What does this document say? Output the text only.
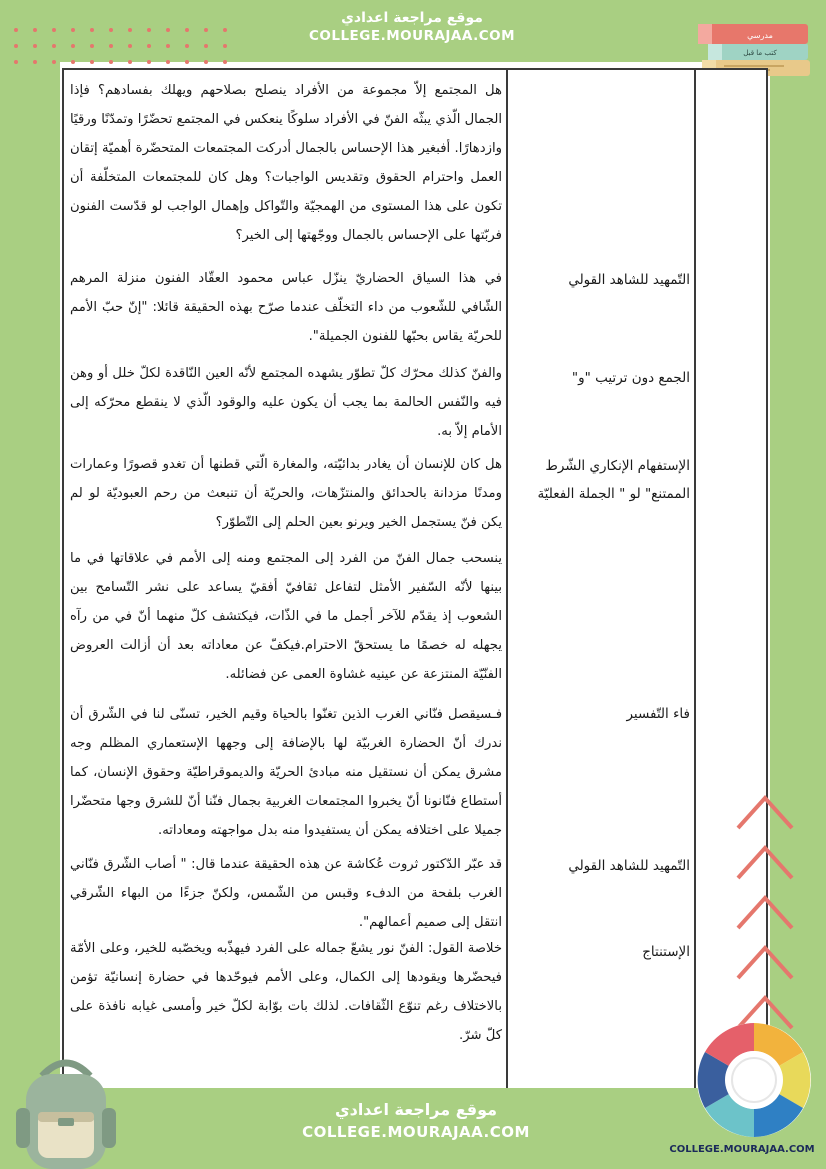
موقع مراجعة اعدادي
COLLEGE.MOURAJAA.COM	مدرسي
كتب ما قبل
هل المجتمع إلاّ مجموعة من الأفراد ينصلح بصلاحهم ويهلك بفسادهم؟ فإذا الجمال الّذي يبثّه الفنّ في الأفراد سلوكًا ينعكس في المجتمع تحضّرًا وتمدّنًا ورقيًا وازدهارًا. أفبغير هذا الإحساس بالجمال أدركت المجتمعات المتحضّرة أهميّة إتقان العمل واحترام الحقوق وتقديس الواجبات؟ وهل كان للمجتمعات المتخلّفة أن تكون على هذا المستوى من الهمجيّة والتّواكل وإهمال الواجب لو قدّست الفنون فربّتها على الإحساس بالجمال ووجّهتها إلى الخير؟
في هذا السياق الحضاريّ ينزّل عباس محمود العقّاد الفنون منزلة المرهم الشّافي للشّعوب من داء التخلّف عندما صرّح بهذه الحقيقة قائلا: "إنّ حبّ الأمم للحريّة يقاس بحبّها للفنون الجميلة".
والفنّ كذلك محرّك كلّ تطوّر يشهده المجتمع لأنّه العين النّاقدة لكلّ خلل أو وهن فيه والنّفس الحالمة بما يجب أن يكون عليه والوقود الّذي لا ينقطع محرّكه إلى الأمام إلاّ به.
هل كان للإنسان أن يغادر بدائيّته، والمغارة الّتي قطنها أن تغدو قصورًا وعمارات ومدنًا مزدانة بالحدائق والمنتزّهات، والحريّة أن تنبعث من رحم العبوديّة لو لم يكن فنّ يستجمل الخير ويرنو بعين الحلم إلى التّطوّر؟
ينسحب جمال الفنّ من الفرد إلى المجتمع ومنه إلى الأمم في علاقاتها في ما بينها لأنّه السّفير الأمثل لتفاعل ثقافيّ أفقيّ يساعد على نشر التّسامح بين الشعوب إذ يقدّم للآخر أجمل ما في الذّات، فيكتشف كلّ منهما أنّ في من رآه يجهله له خصمًا ما يستحقّ الاحترام.فيكفّ عن معاداته بعد أن أزالت العروض الفنّيّة المنتزعة عن عينيه غشاوة العمى عن فضائله.
فـسيقصل فنّاني الغرب الذين تغنّوا بالحياة وقيم الخير، تسنّى لنا في الشّرق أن ندرك أنّ الحضارة الغربيّة لها بالإضافة إلى وجهها الإستعماري المظلم وجه مشرق يمكن أن نستقيل منه مبادئ الحريّة والديموقراطيّة وحقوق الإنسان، كما أستطاع فنّانونا أنّ يخبروا المجتمعات الغربية بجمال فنّنا أنّ للشرق وجها متحضّرا جميلا على اختلافه يمكن أن يستفيدوا منه بدل مواجهته ومعاداته.
قد عبّر الدّكتور ثروت عُكاشة عن هذه الحقيقة عندما قال: " أصاب الشّرق فنّاني الغرب بلفحة من الدفء وقبس من الشّمس، ولكنّ جزءًا من البهاء الشّرقي انتقل إلى صميم أعمالهم".
خلاصة القول: الفنّ نور يشعّ جماله على الفرد فيهذّبه ويخصّبه للخير، وعلى الأمّة فيحضّرها ويقودها إلى الكمال، وعلى الأمم فيوحّدها في حضارة إنسانيّة تؤمن بالاختلاف رغم تنوّع الثّقافات. لذلك بات بوّابة لكلّ خير وأمسى غيابه نافذة على كلّ شرّ.
التّمهيد للشاهد القولي
الجمع دون ترتيب "و"
الإستفهام الإنكاري الشّرط الممتنع" لو " الجملة الفعليّة
فاء التّفسير
التّمهيد للشاهد القولي
الإستنتاج
موقع مراجعة اعدادي
COLLEGE.MOURAJAA.COM
COLLEGE.MOURAJAA.COM
